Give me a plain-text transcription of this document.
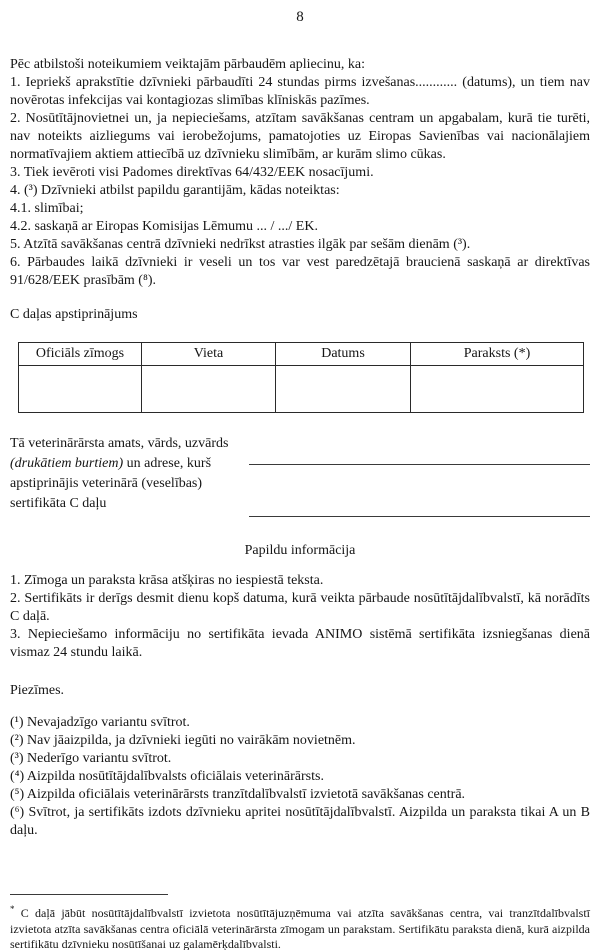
8
Pēc atbilstoši noteikumiem veiktajām pārbaudēm apliecinu, ka:
1. Iepriekš aprakstītie dzīvnieki pārbaudīti 24 stundas pirms izvešanas............ (datums), un tiem nav novērotas infekcijas vai kontagiozas slimības klīniskās pazīmes.
2. Nosūtītājnovietnei un, ja nepieciešams, atzītam savākšanas centram un apgabalam, kurā tie turēti, nav noteikts aizliegums vai ierobežojums, pamatojoties uz Eiropas Savienības vai nacionālajiem normatīvajiem aktiem attiecībā uz dzīvnieku slimībām, ar kurām slimo cūkas.
3. Tiek ievēroti visi Padomes direktīvas 64/432/EEK nosacījumi.
4. (³) Dzīvnieki atbilst papildu garantijām, kādas noteiktas:
4.1. slimībai;
4.2. saskaņā ar Eiropas Komisijas Lēmumu ... / .../ EK.
5. Atzītā savākšanas centrā dzīvnieki nedrīkst atrasties ilgāk par sešām dienām (³).
6. Pārbaudes laikā dzīvnieki ir veseli un tos var vest paredzētajā braucienā saskaņā ar direktīvas 91/628/EEK prasībām (⁸).
C daļas apstiprinājums
Oficiāls zīmogs	Vieta	Datums	Paraksts (*)

Tā veterinārārsta amats, vārds, uzvārds (drukātiem burtiem) un adrese, kurš apstiprinājis veterinārā (veselības) sertifikāta C daļu
Papildu informācija
1. Zīmoga un paraksta krāsa atšķiras no iespiestā teksta.
2. Sertifikāts ir derīgs desmit dienu kopš datuma, kurā veikta pārbaude nosūtītājdalībvalstī, kā norādīts C daļā.
3. Nepieciešamo informāciju no sertifikāta ievada ANIMO sistēmā sertifikāta izsniegšanas dienā vismaz 24 stundu laikā.
Piezīmes.
(¹) Nevajadzīgo variantu svītrot.
(²) Nav jāaizpilda, ja dzīvnieki iegūti no vairākām novietnēm.
(³) Nederīgo variantu svītrot.
(⁴) Aizpilda nosūtītājdalībvalsts oficiālais veterinārārsts.
(⁵) Aizpilda oficiālais veterinārārsts tranzītdalībvalstī izvietotā savākšanas centrā.
(⁶) Svītrot, ja sertifikāts izdots dzīvnieku apritei nosūtītājdalībvalstī. Aizpilda un paraksta tikai A un B daļu.
* C daļā jābūt nosūtītājdalībvalstī izvietota nosūtītājuzņēmuma vai atzīta savākšanas centra, vai tranzītdalībvalstī izvietota atzīta savākšanas centra oficiālā veterinārārsta zīmogam un parakstam. Sertifikātu paraksta dienā, kurā aizpilda sertifikātu dzīvnieku nosūtīšanai uz galamērķdalībvalsti.
